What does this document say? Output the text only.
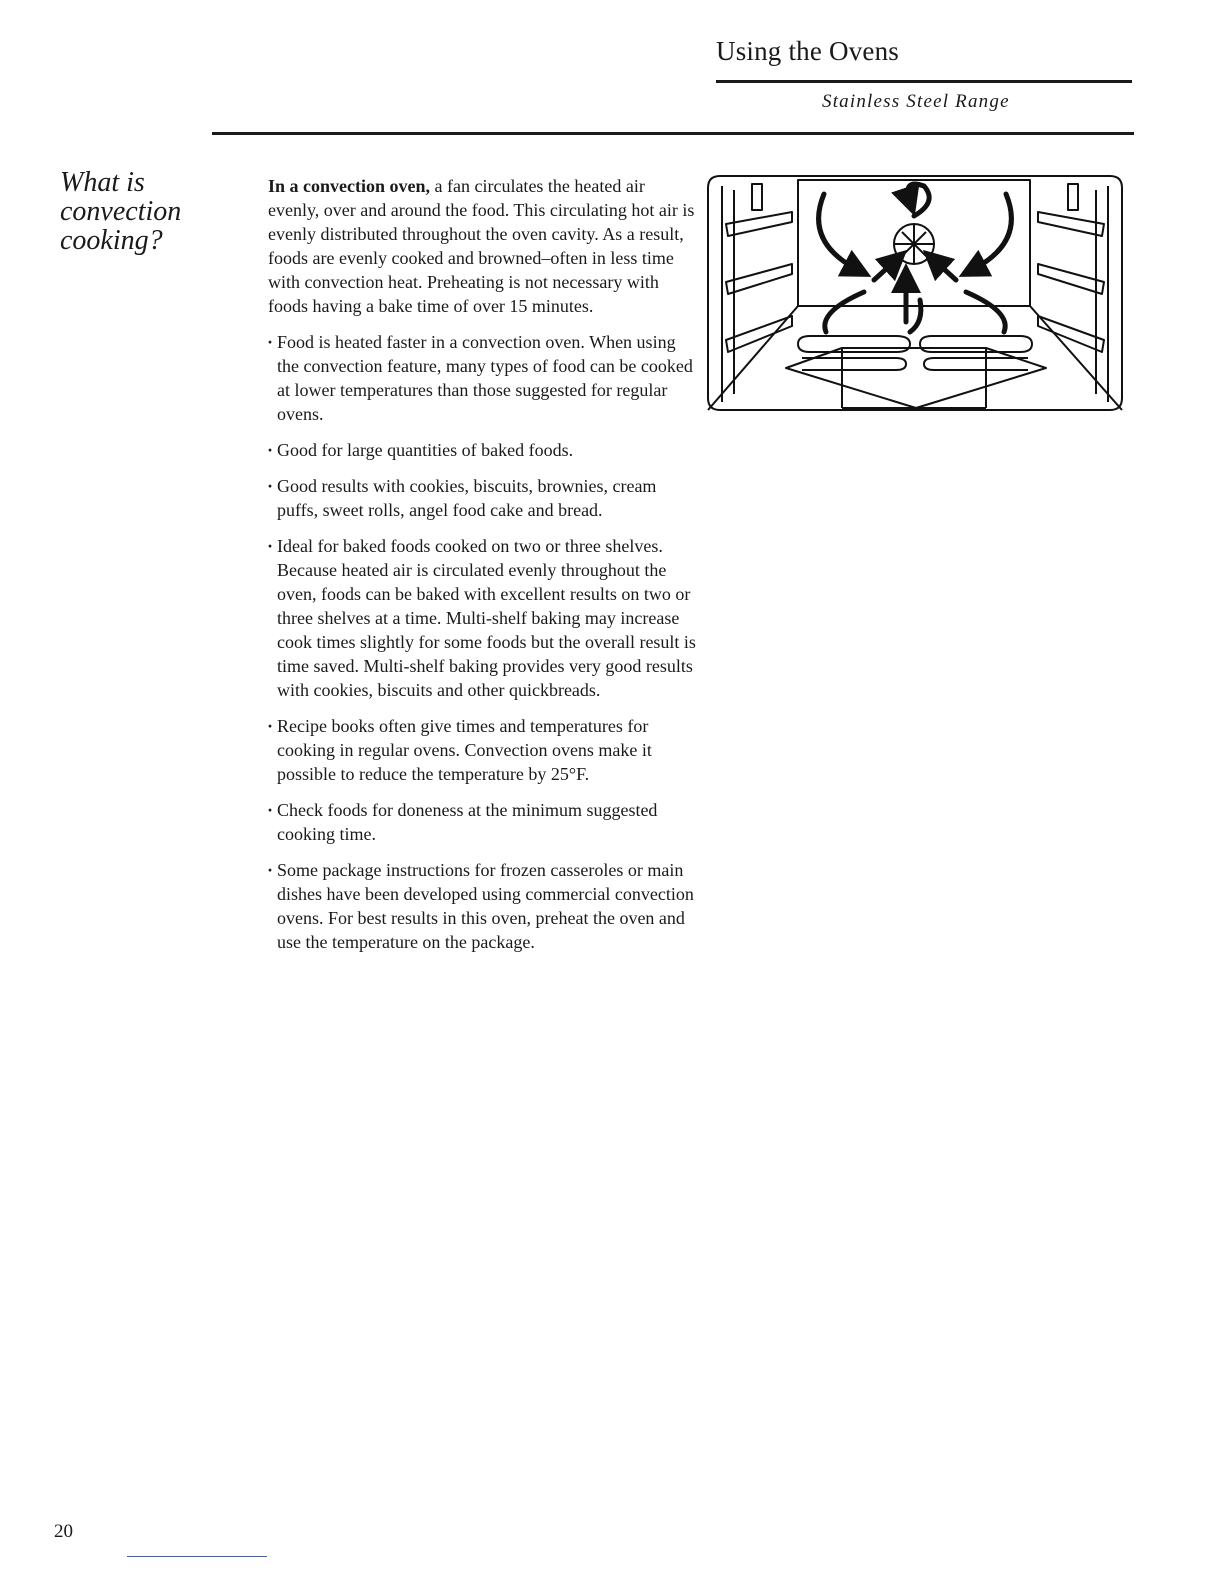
Using the Ovens
Stainless Steel Range
What is
convection
cooking?

In a convection oven, a fan circulates the heated air evenly, over and around the food. This circulating hot air is evenly distributed throughout the oven cavity. As a result, foods are evenly cooked and browned–often in less time with convection heat. Preheating is not necessary with foods having a bake time of over 15 minutes.

· Food is heated faster in a convection oven. When using the convection feature, many types of food can be cooked at lower temperatures than those suggested for regular ovens.
· Good for large quantities of baked foods.
· Good results with cookies, biscuits, brownies, cream puffs, sweet rolls, angel food cake and bread.
· Ideal for baked foods cooked on two or three shelves. Because heated air is circulated evenly throughout the oven, foods can be baked with excellent results on two or three shelves at a time. Multi-shelf baking may increase cook times slightly for some foods but the overall result is time saved. Multi-shelf baking provides very good results with cookies, biscuits and other quickbreads.
· Recipe books often give times and temperatures for cooking in regular ovens. Convection ovens make it possible to reduce the temperature by 25°F.
· Check foods for doneness at the minimum suggested cooking time.
· Some package instructions for frozen casseroles or main dishes have been developed using commercial convection ovens. For best results in this oven, preheat the oven and use the temperature on the package.
20
